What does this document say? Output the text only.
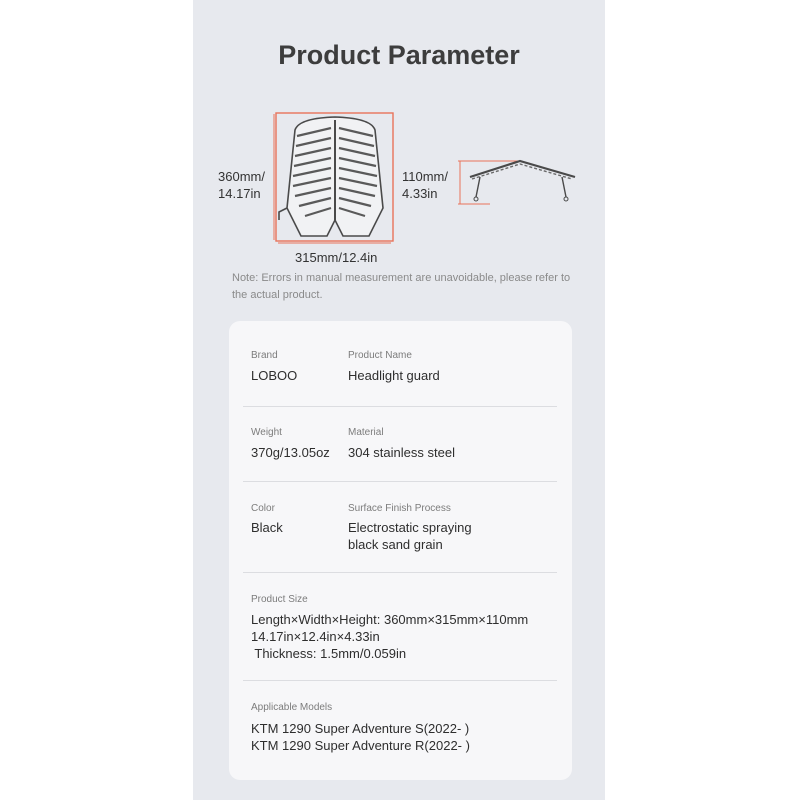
Product Parameter
360mm/
14.17in
315mm/12.4in
110mm/
4.33in
Note: Errors in manual measurement are unavoidable, please refer to the actual product.
Brand
LOBOO
Product Name
Headlight guard
Weight
370g/13.05oz
Material
304 stainless steel
Color
Black
Surface Finish Process
Electrostatic spraying
black sand grain
Product Size
Length×Width×Height: 360mm×315mm×110mm
14.17in×12.4in×4.33in
Thickness: 1.5mm/0.059in
Applicable Models
KTM 1290 Super Adventure S(2022- )
KTM 1290 Super Adventure R(2022- )
